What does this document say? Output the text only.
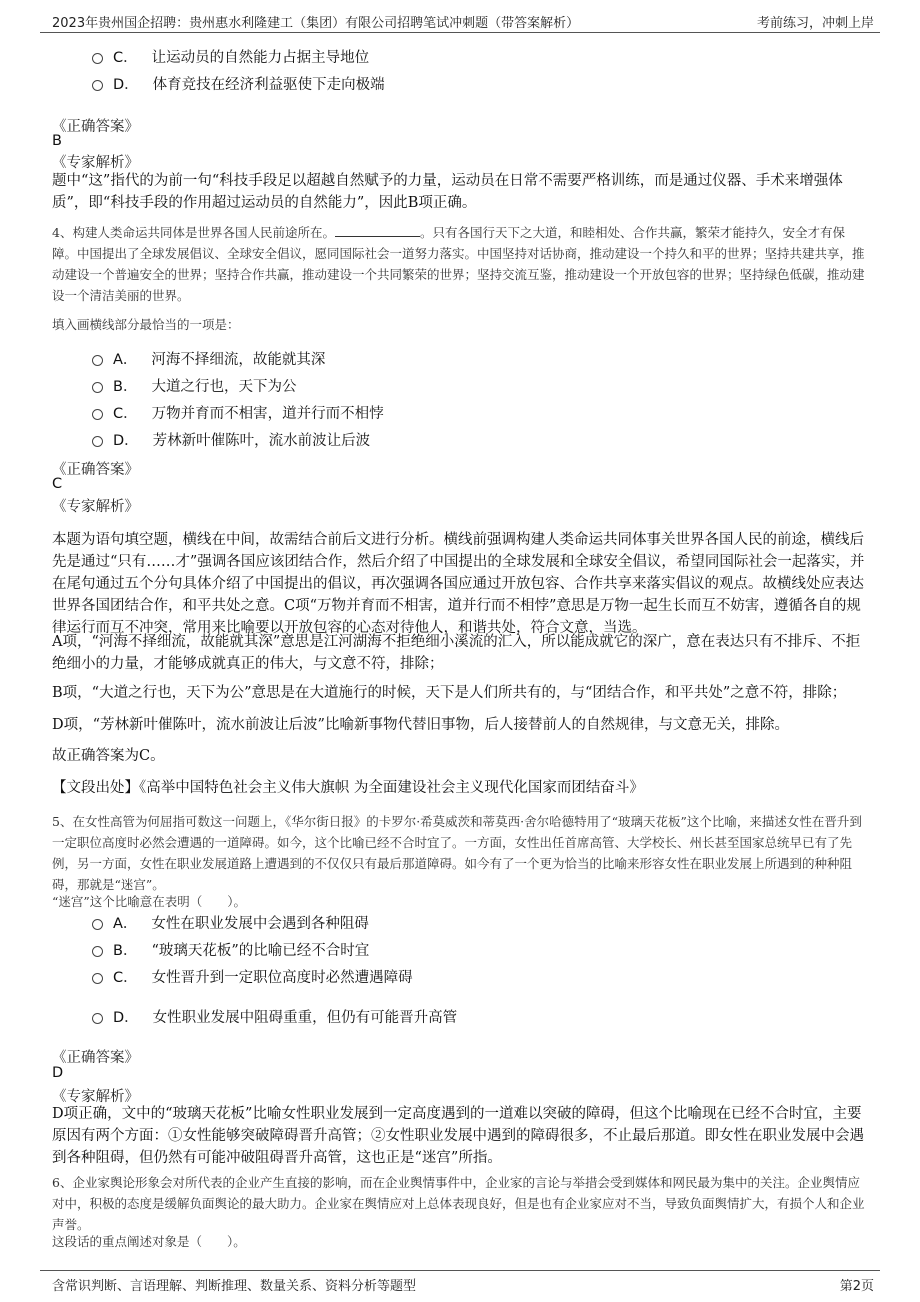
2023年贵州国企招聘：贵州惠水利隆建工（集团）有限公司招聘笔试冲刺题（带答案解析）	考前练习，冲刺上岸
C． 让运动员的自然能力占据主导地位
D． 体育竞技在经济利益驱使下走向极端
《正确答案》
B
《专家解析》
题中“这”指代的为前一句“科技手段足以超越自然赋予的力量，运动员在日常不需要严格训练，而是通过仪器、手术来增强体质”，即“科技手段的作用超过运动员的自然能力”，因此B项正确。
4、构建人类命运共同体是世界各国人民前途所在。	。只有各国行天下之大道，和睦相处、合作共赢，繁荣才能持久，安全才有保障。中国提出了全球发展倡议、全球安全倡议，愿同国际社会一道努力落实。中国坚持对话协商，推动建设一个持久和平的世界；坚持共建共享，推动建设一个普遍安全的世界；坚持合作共赢，推动建设一个共同繁荣的世界；坚持交流互鉴，推动建设一个开放包容的世界；坚持绿色低碳，推动建设一个清洁美丽的世界。
填入画横线部分最恰当的一项是：
A． 河海不择细流，故能就其深
B． 大道之行也，天下为公
C． 万物并育而不相害，道并行而不相悖
D． 芳林新叶催陈叶，流水前波让后波
《正确答案》
C
《专家解析》
本题为语句填空题，横线在中间，故需结合前后文进行分析。横线前强调构建人类命运共同体事关世界各国人民的前途，横线后先是通过“只有……才”强调各国应该团结合作，然后介绍了中国提出的全球发展和全球安全倡议，希望同国际社会一起落实，并在尾句通过五个分句具体介绍了中国提出的倡议，再次强调各国应通过开放包容、合作共享来落实倡议的观点。故横线处应表达世界各国团结合作，和平共处之意。C项“万物并育而不相害，道并行而不相悖”意思是万物一起生长而互不妨害，遵循各自的规律运行而互不冲突，常用来比喻要以开放包容的心态对待他人，和谐共处，符合文意，当选。
A项，“河海不择细流，故能就其深”意思是江河湖海不拒绝细小溪流的汇入，所以能成就它的深广，意在表达只有不排斥、不拒绝细小的力量，才能够成就真正的伟大，与文意不符，排除；
B项，“大道之行也，天下为公”意思是在大道施行的时候，天下是人们所共有的，与“团结合作，和平共处”之意不符，排除；
D项，“芳林新叶催陈叶，流水前波让后波”比喻新事物代替旧事物，后人接替前人的自然规律，与文意无关，排除。
故正确答案为C。
【文段出处】《高举中国特色社会主义伟大旗帜 为全面建设社会主义现代化国家而团结奋斗》
5、在女性高管为何屈指可数这一问题上，《华尔街日报》的卡罗尔·希莫威茨和蒂莫西·舍尔哈德特用了“玻璃天花板”这个比喻，来描述女性在晋升到一定职位高度时必然会遭遇的一道障碍。如今，这个比喻已经不合时宜了。一方面，女性出任首席高管、大学校长、州长甚至国家总统早已有了先例，另一方面，女性在职业发展道路上遭遇到的不仅仅只有最后那道障碍。如今有了一个更为恰当的比喻来形容女性在职业发展上所遇到的种种阻碍，那就是“迷宫”。
“迷宫”这个比喻意在表明（　　）。
A． 女性在职业发展中会遇到各种阻碍
B． “玻璃天花板”的比喻已经不合时宜
C． 女性晋升到一定职位高度时必然遭遇障碍
D． 女性职业发展中阻碍重重，但仍有可能晋升高管
《正确答案》
D
《专家解析》
D项正确，文中的“玻璃天花板”比喻女性职业发展到一定高度遇到的一道难以突破的障碍，但这个比喻现在已经不合时宜，主要原因有两个方面：①女性能够突破障碍晋升高管；②女性职业发展中遇到的障碍很多，不止最后那道。即女性在职业发展中会遇到各种阻碍，但仍然有可能冲破阻碍晋升高管，这也正是“迷宫”所指。
6、企业家舆论形象会对所代表的企业产生直接的影响，而在企业舆情事件中，企业家的言论与举措会受到媒体和网民最为集中的关注。企业舆情应对中，积极的态度是缓解负面舆论的最大助力。企业家在舆情应对上总体表现良好，但是也有企业家应对不当，导致负面舆情扩大，有损个人和企业声誉。
这段话的重点阐述对象是（　　）。
含常识判断、言语理解、判断推理、数量关系、资料分析等题型	第2页
